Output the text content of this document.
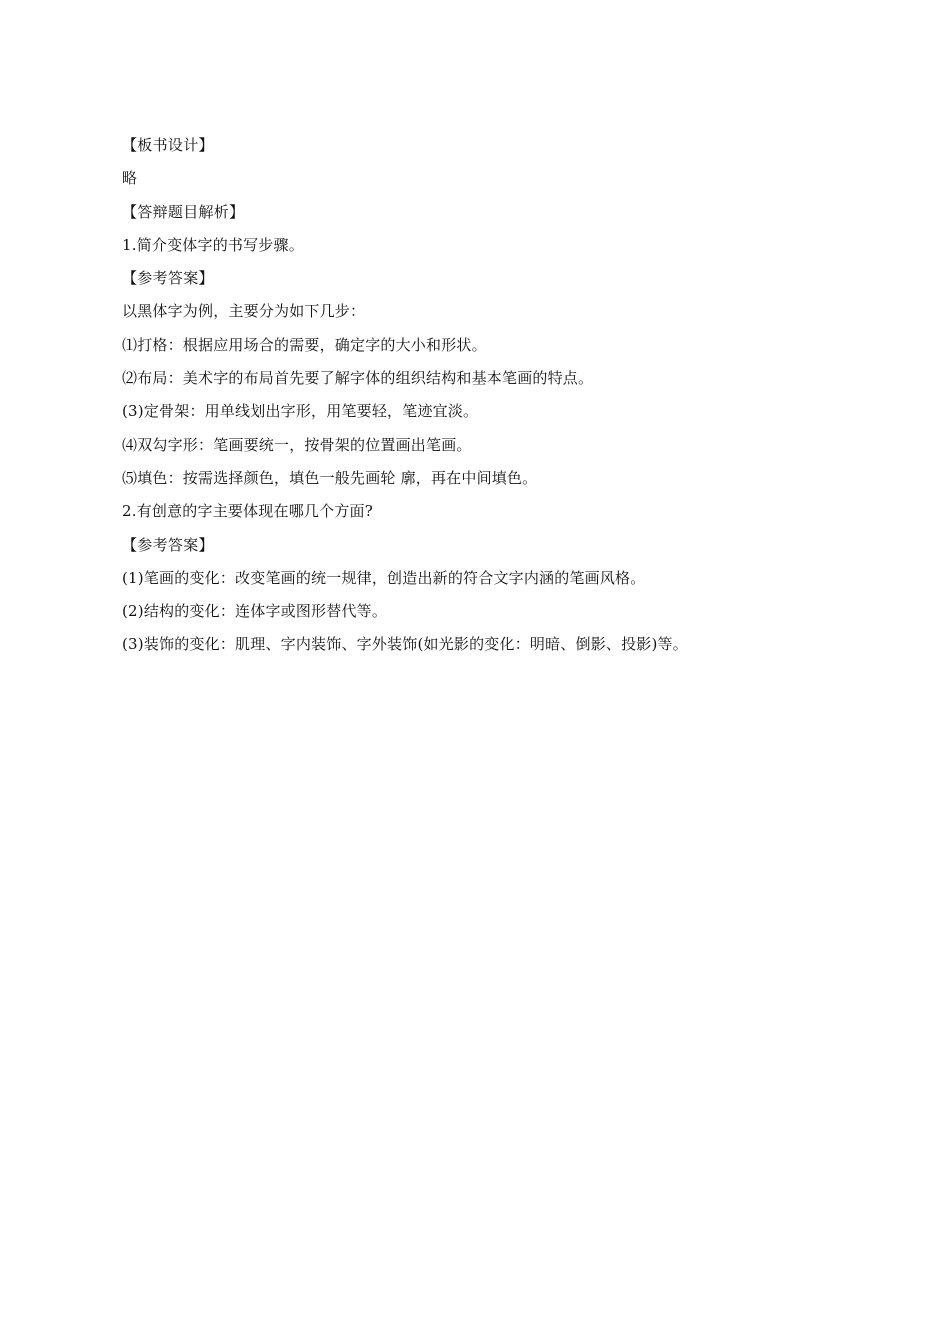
【板书设计】
略
【答辩题目解析】
1.简介变体字的书写步骤。
【参考答案】
以黑体字为例，主要分为如下几步：
⑴打格：根据应用场合的需要，确定字的大小和形状。
⑵布局：美术字的布局首先要了解字体的组织结构和基本笔画的特点。
(3)定骨架：用单线划出字形，用笔要轻，笔迹宜淡。
⑷双勾字形：笔画要统一，按骨架的位置画出笔画。
⑸填色：按需选择颜色，填色一般先画轮 廓，再在中间填色。
2.有创意的字主要体现在哪几个方面?
【参考答案】
(1)笔画的变化：改变笔画的统一规律，创造出新的符合文字内涵的笔画风格。
(2)结构的变化：连体字或图形替代等。
(3)装饰的变化：肌理、字内装饰、字外装饰(如光影的变化：明暗、倒影、投影)等。
